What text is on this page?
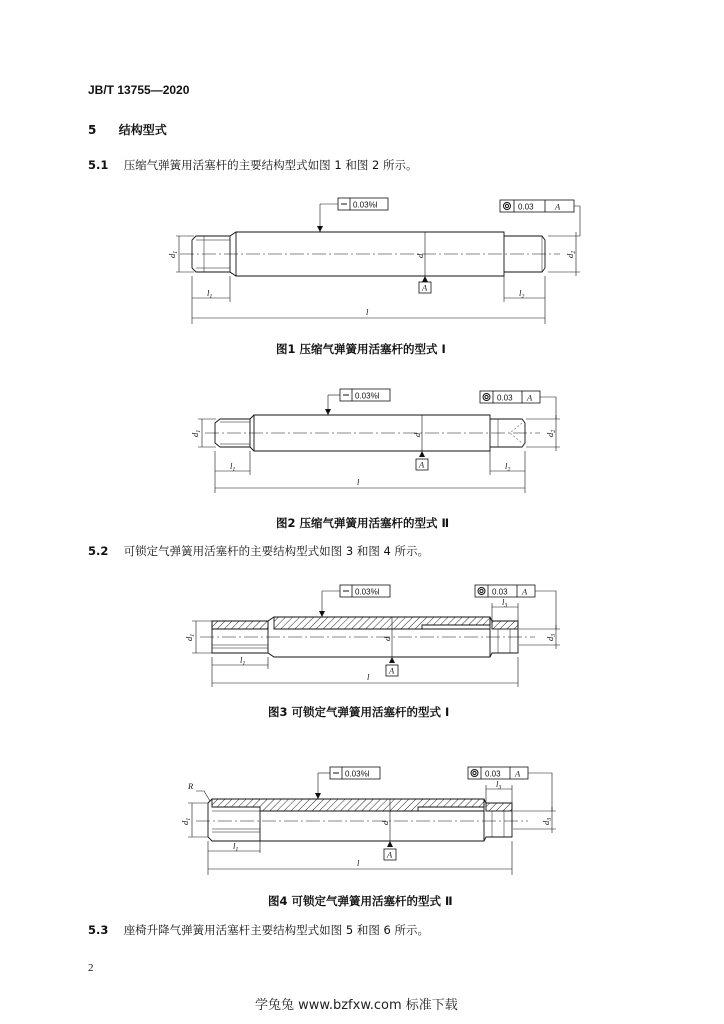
JB/T 13755—2020
5 结构型式
5.1 压缩气弹簧用活塞杆的主要结构型式如图 1 和图 2 所示。
0.03%l	0.03	A
A
$d_1$
d	$d_2$
$l_1$	$l_2$
l
图1 压缩气弹簧用活塞杆的型式 Ⅰ
0.03%l	0.03 A
A
$d_1$
d	$d_2$
$l_1$	$l_2$
l
图2 压缩气弹簧用活塞杆的型式 Ⅱ
5.2 可锁定气弹簧用活塞杆的主要结构型式如图 3 和图 4 所示。
0.03%l	0.03 A
A
$d_1$
d	$d_3$
$l_1$
$l_3$
l
图3 可锁定气弹簧用活塞杆的型式 Ⅰ
0.03%l	0.03 A
A
R
$d_1$
d	$d_3$
$l_1$
$l_3$
l
图4 可锁定气弹簧用活塞杆的型式 Ⅱ
5.3 座椅升降气弹簧用活塞杆主要结构型式如图 5 和图 6 所示。
2
学兔兔 www.bzfxw.com 标准下载
